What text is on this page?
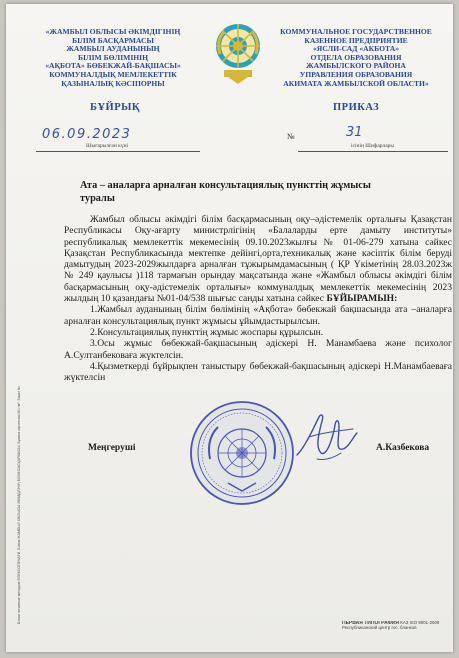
Блоки печатные методом ФЛЕКСОПЕЧАТИ. Бланк ЖАМБЫЛ ОБЛЫСЫ ӘКІМДІГІНІҢ БІЛІМ БАСҚАРМАСЫ. Бумага офсетная 80 г/м². Заказ №
«ЖАМБЫЛ ОБЛЫСЫ ӘКІМДІГІНІҢ
БІЛІМ БАСҚАРМАСЫ
ЖАМБЫЛ АУДАНЫНЫҢ
БІЛІМ БӨЛІМІНІҢ
«АҚБОТА» БӨБЕКЖАЙ-БАҚШАСЫ»
КОММУНАЛДЫҚ МЕМЛЕКЕТТІК
ҚАЗЫНАЛЫҚ КӘСІПОРНЫ
КОММУНАЛЬНОЕ ГОСУДАРСТВЕННОЕ
КАЗЕННОЕ ПРЕДПРИЯТИЕ
«ЯСЛИ-САД «АКБОТА»
ОТДЕЛА ОБРАЗОВАНИЯ
ЖАМБЫЛСКОГО РАЙОНА
УПРАВЛЕНИЯ ОБРАЗОВАНИЯ
АКИМАТА ЖАМБЫЛСКОЙ ОБЛАСТИ»
БҰЙРЫҚ	ПРИКАЗ
06.09.2023
Шығарылған күні
№	31
ісінің Шифарлары
Ата – аналарға арналған консультациялық пункттің жұмысы туралы

Жамбыл облысы әкімдігі білім басқармасының оқу–әдістемелік орталығы Қазақстан Республикасы Оқу-ағарту министрлігінің «Балаларды ерте дамыту институты» республикалық мемлекеттік мекемесінің 09.10.2023жылғы № 01-06-279 хатына сәйкес Қазақстан Республикасында мектепке дейінгі,орта,техникалық және кәсіптік білім беруді дамытудың 2023-2029жылдарға арналған тұжырымдамасының ( ҚР Үкіметінің 28.03.2023ж № 249 қаулысы )118 тармағын орындау мақсатында және «Жамбыл облысы әкімдігі білім басқармасының оқу-әдістемелік орталығы» коммуналдық мемлекеттік мекемесінің 2023 жылдың 10 қазандағы №01-04/538 шығыс санды хатына сәйкес БҰЙЫРАМЫН:

1.Жамбыл ауданының білім бөлімінің «Ақбота» бөбекжай бақшасында ата –аналарға арналған консультациялық пункт жұмысы ұйымдастырылсын.

2.Консультациялық пункттің жұмыс жоспары құрылсын.

3.Осы жұмыс бөбекжай-бақшасының әдіскері Н. Манамбаева және психолог А.Султанбековаға жүктелсін.

4.Қызметкерді бұйрықпен таныстыру бөбекжай-бақшасының әдіскері Н.Манамбаеваға жүктелсін

Меңгеруші	А.Казбекова
ПЕРВАЯ ТИПОГРАФИЯ КАЗ ISO 9001-2009
Республиканский центр гос. бланков
